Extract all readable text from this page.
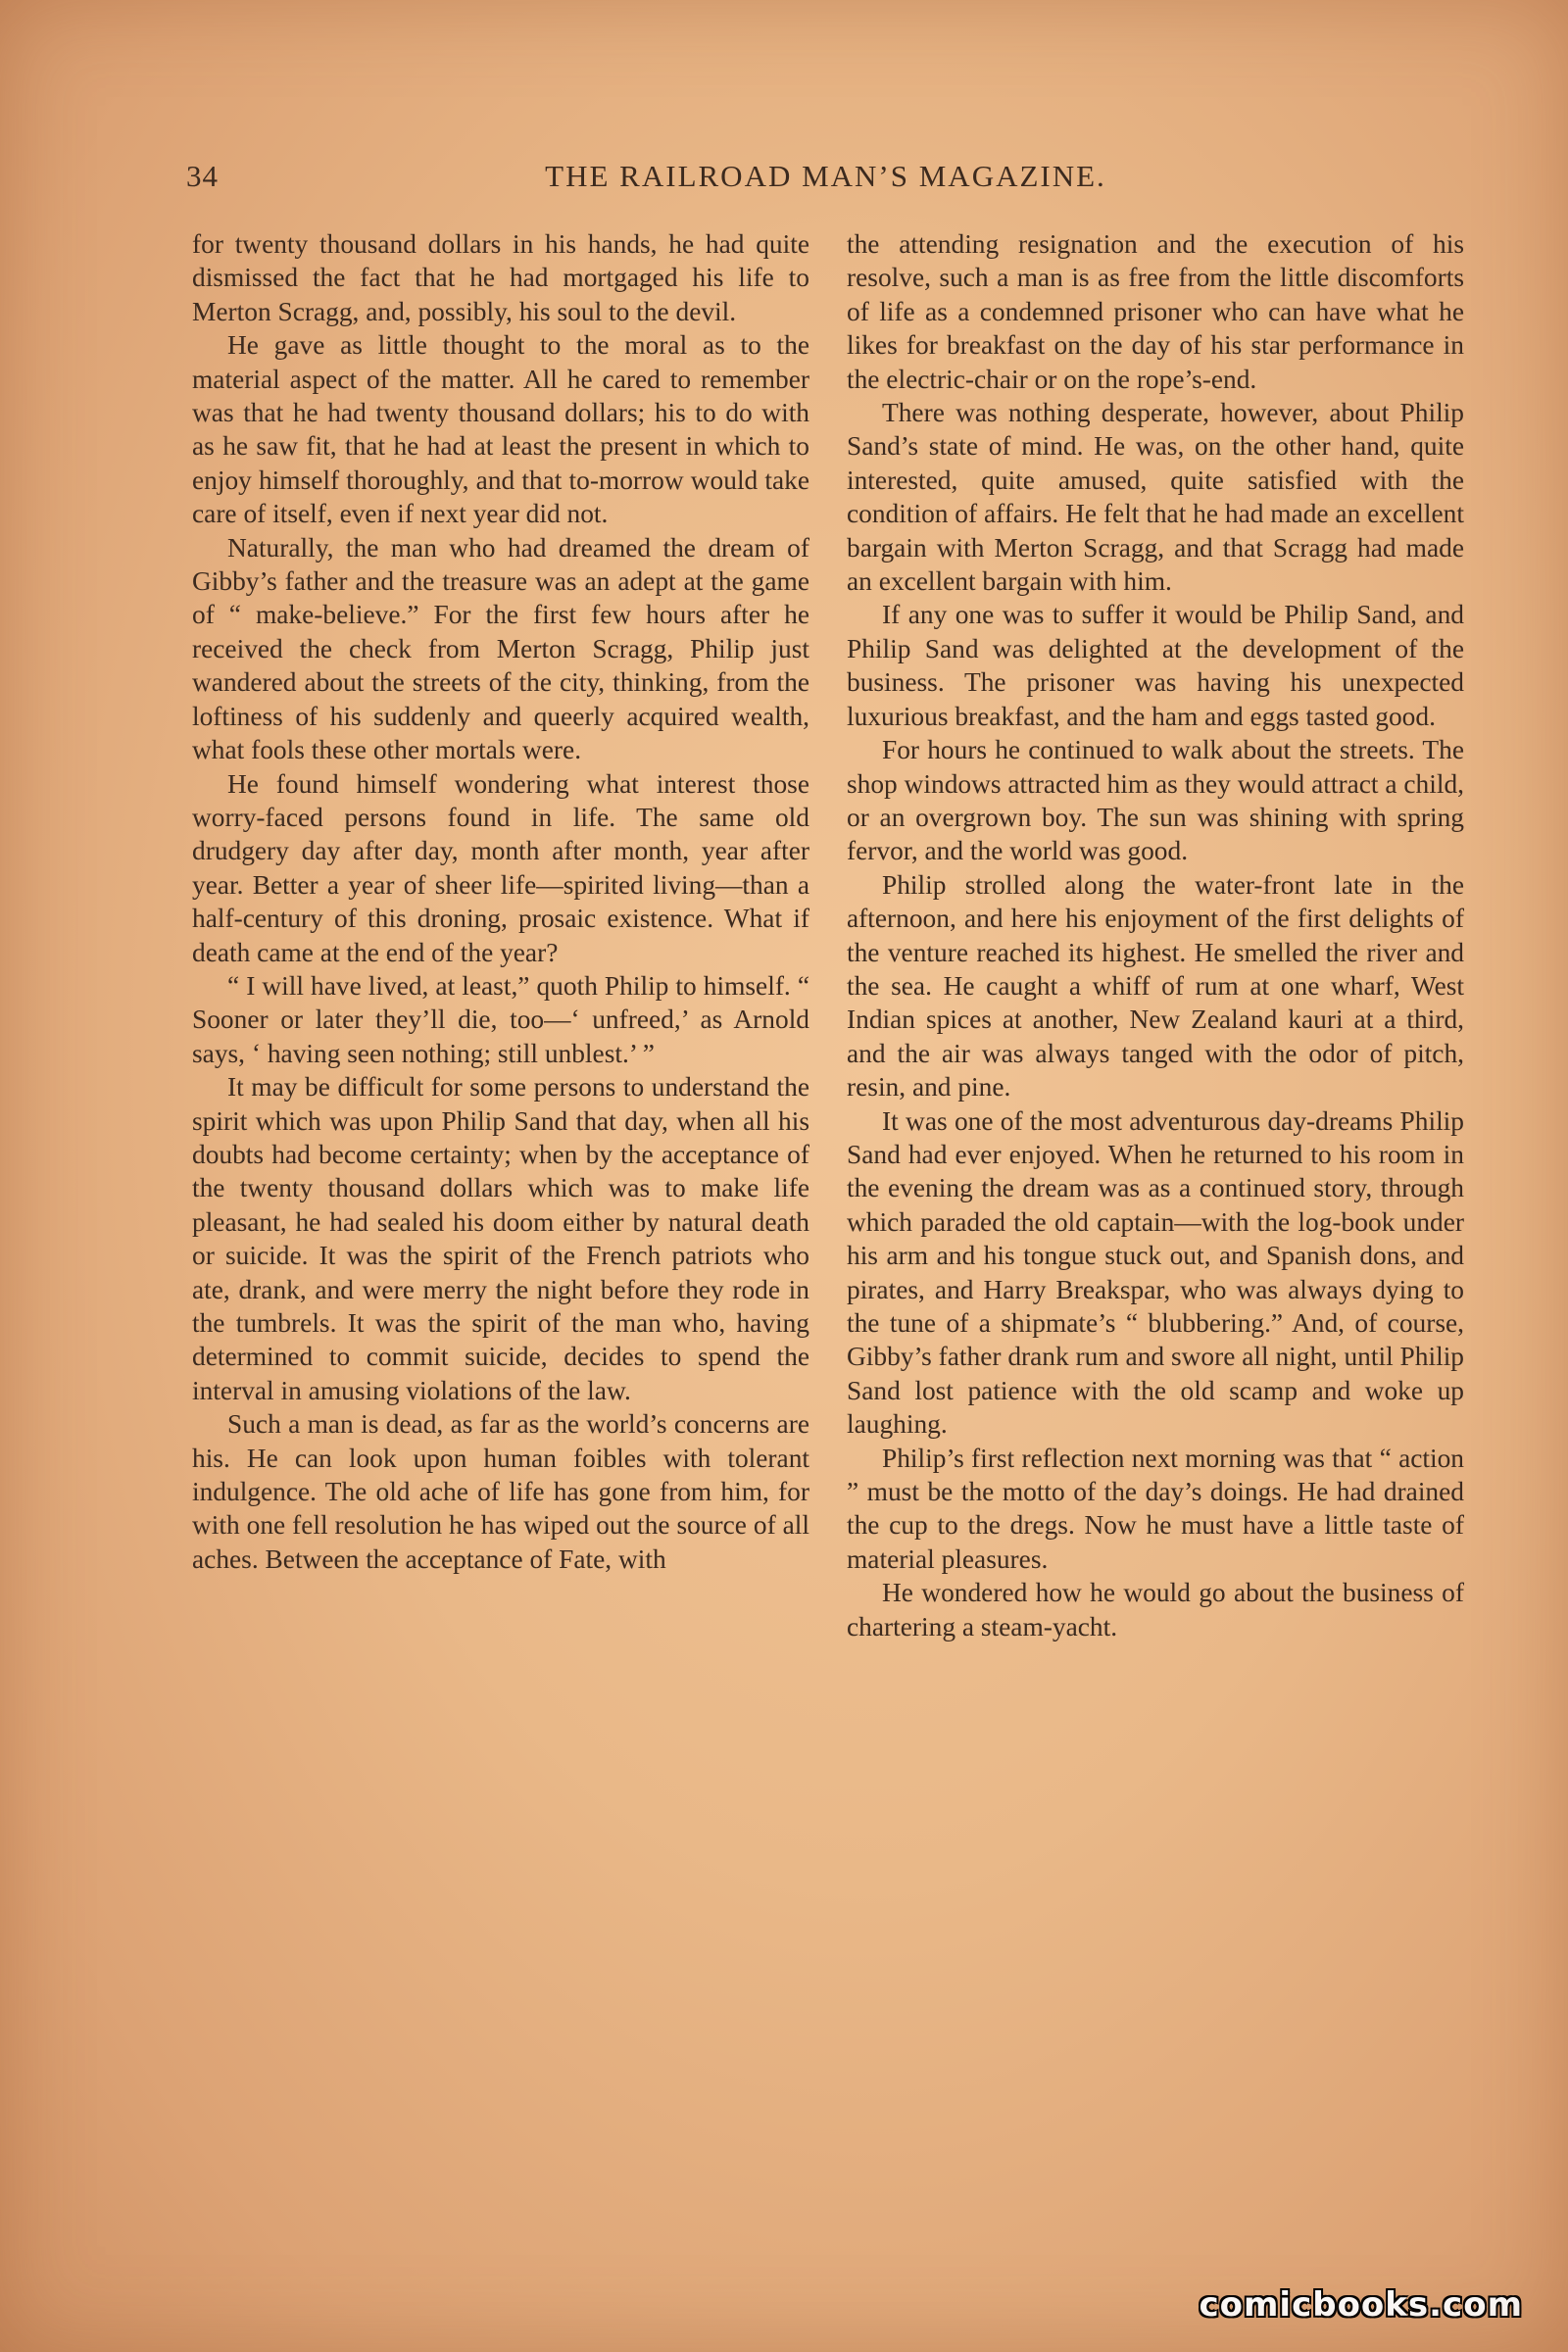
34	THE RAILROAD MAN’S MAGAZINE.

for twenty thousand dollars in his hands, he had quite dismissed the fact that he had mortgaged his life to Merton Scragg, and, possibly, his soul to the devil.

He gave as little thought to the moral as to the material aspect of the matter. All he cared to remember was that he had twenty thousand dollars; his to do with as he saw fit, that he had at least the present in which to enjoy himself thoroughly, and that to-morrow would take care of itself, even if next year did not.

Naturally, the man who had dreamed the dream of Gibby’s father and the treasure was an adept at the game of “ make-believe.” For the first few hours after he received the check from Merton Scragg, Philip just wandered about the streets of the city, thinking, from the loftiness of his suddenly and queerly acquired wealth, what fools these other mortals were.

He found himself wondering what interest those worry-faced persons found in life. The same old drudgery day after day, month after month, year after year. Better a year of sheer life—spirited living—than a half-century of this droning, prosaic existence. What if death came at the end of the year?

“ I will have lived, at least,” quoth Philip to himself. “ Sooner or later they’ll die, too—‘ unfreed,’ as Arnold says, ‘ having seen nothing; still unblest.’ ”

It may be difficult for some persons to understand the spirit which was upon Philip Sand that day, when all his doubts had become certainty; when by the acceptance of the twenty thousand dollars which was to make life pleasant, he had sealed his doom either by natural death or suicide. It was the spirit of the French patriots who ate, drank, and were merry the night before they rode in the tumbrels. It was the spirit of the man who, having determined to commit suicide, decides to spend the interval in amusing violations of the law.

Such a man is dead, as far as the world’s concerns are his. He can look upon human foibles with tolerant indulgence. The old ache of life has gone from him, for with one fell resolution he has wiped out the source of all aches. Between the acceptance of Fate, with

the attending resignation and the execution of his resolve, such a man is as free from the little discomforts of life as a condemned prisoner who can have what he likes for breakfast on the day of his star performance in the electric-chair or on the rope’s-end.

There was nothing desperate, however, about Philip Sand’s state of mind. He was, on the other hand, quite interested, quite amused, quite satisfied with the condition of affairs. He felt that he had made an excellent bargain with Merton Scragg, and that Scragg had made an excellent bargain with him.

If any one was to suffer it would be Philip Sand, and Philip Sand was delighted at the development of the business. The prisoner was having his unexpected luxurious breakfast, and the ham and eggs tasted good.

For hours he continued to walk about the streets. The shop windows attracted him as they would attract a child, or an overgrown boy. The sun was shining with spring fervor, and the world was good.

Philip strolled along the water-front late in the afternoon, and here his enjoyment of the first delights of the venture reached its highest. He smelled the river and the sea. He caught a whiff of rum at one wharf, West Indian spices at another, New Zealand kauri at a third, and the air was always tanged with the odor of pitch, resin, and pine.

It was one of the most adventurous day-dreams Philip Sand had ever enjoyed. When he returned to his room in the evening the dream was as a continued story, through which paraded the old captain—with the log-book under his arm and his tongue stuck out, and Spanish dons, and pirates, and Harry Breakspar, who was always dying to the tune of a shipmate’s “ blubbering.” And, of course, Gibby’s father drank rum and swore all night, until Philip Sand lost patience with the old scamp and woke up laughing.

Philip’s first reflection next morning was that “ action ” must be the motto of the day’s doings. He had drained the cup to the dregs. Now he must have a little taste of material pleasures.

He wondered how he would go about the business of chartering a steam-yacht.

comicbooks.com
